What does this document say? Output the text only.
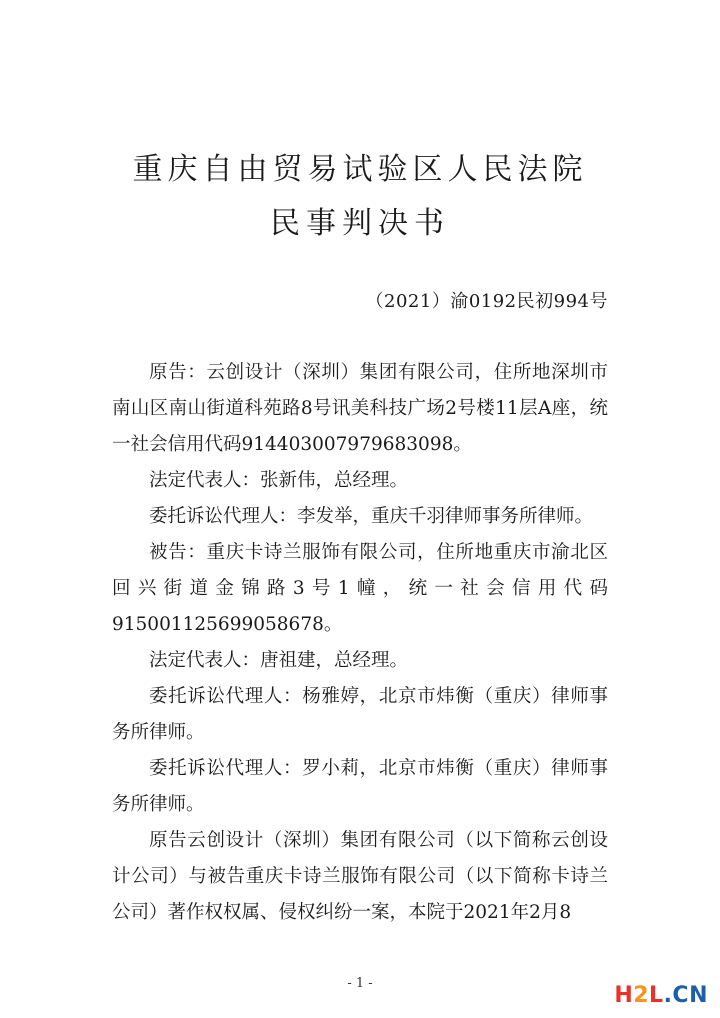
重庆自由贸易试验区人民法院
民事判决书
（2021）渝0192民初994号

原告：云创设计（深圳）集团有限公司，住所地深圳市南山区南山街道科苑路8号讯美科技广场2号楼11层A座，统一社会信用代码914403007979683098。

法定代表人：张新伟，总经理。

委托诉讼代理人：李发举，重庆千羽律师事务所律师。

被告：重庆卡诗兰服饰有限公司，住所地重庆市渝北区回兴街道金锦路3号1幢，统一社会信用代码915001125699058678。

法定代表人：唐祖建，总经理。

委托诉讼代理人：杨雅婷，北京市炜衡（重庆）律师事务所律师。

委托诉讼代理人：罗小莉，北京市炜衡（重庆）律师事务所律师。

原告云创设计（深圳）集团有限公司（以下简称云创设计公司）与被告重庆卡诗兰服饰有限公司（以下简称卡诗兰公司）著作权权属、侵权纠纷一案，本院于2021年2月8

- 1 -	H2L.CN
